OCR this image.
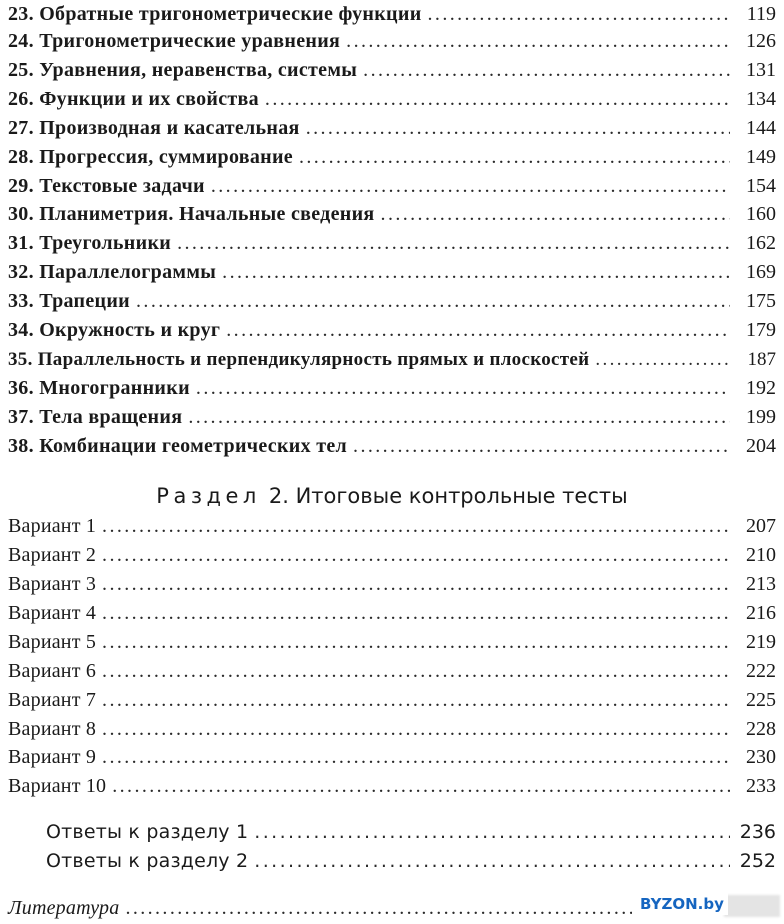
23. Обратные тригонометрические функции .....	119
24. Тригонометрические уравнения .....	126
25. Уравнения, неравенства, системы .....	131
26. Функции и их свойства .....	134
27. Производная и касательная .....	144
28. Прогрессия, суммирование .....	149
29. Текстовые задачи .....	154
30. Планиметрия. Начальные сведения .....	160
31. Треугольники .....	162
32. Параллелограммы .....	169
33. Трапеции .....	175
34. Окружность и круг .....	179
35. Параллельность и перпендикулярность прямых и плоскостей .....	187
36. Многогранники .....	192
37. Тела вращения .....	199
38. Комбинации геометрических тел .....	204
Раздел 2. Итоговые контрольные тесты
Вариант 1 .....	207
Вариант 2 .....	210
Вариант 3 .....	213
Вариант 4 .....	216
Вариант 5 .....	219
Вариант 6 .....	222
Вариант 7 .....	225
Вариант 8 .....	228
Вариант 9 .....	230
Вариант 10 .....	233
Ответы к разделу 1 .....	236
Ответы к разделу 2 .....	252
Литература .....	BYZON.by
